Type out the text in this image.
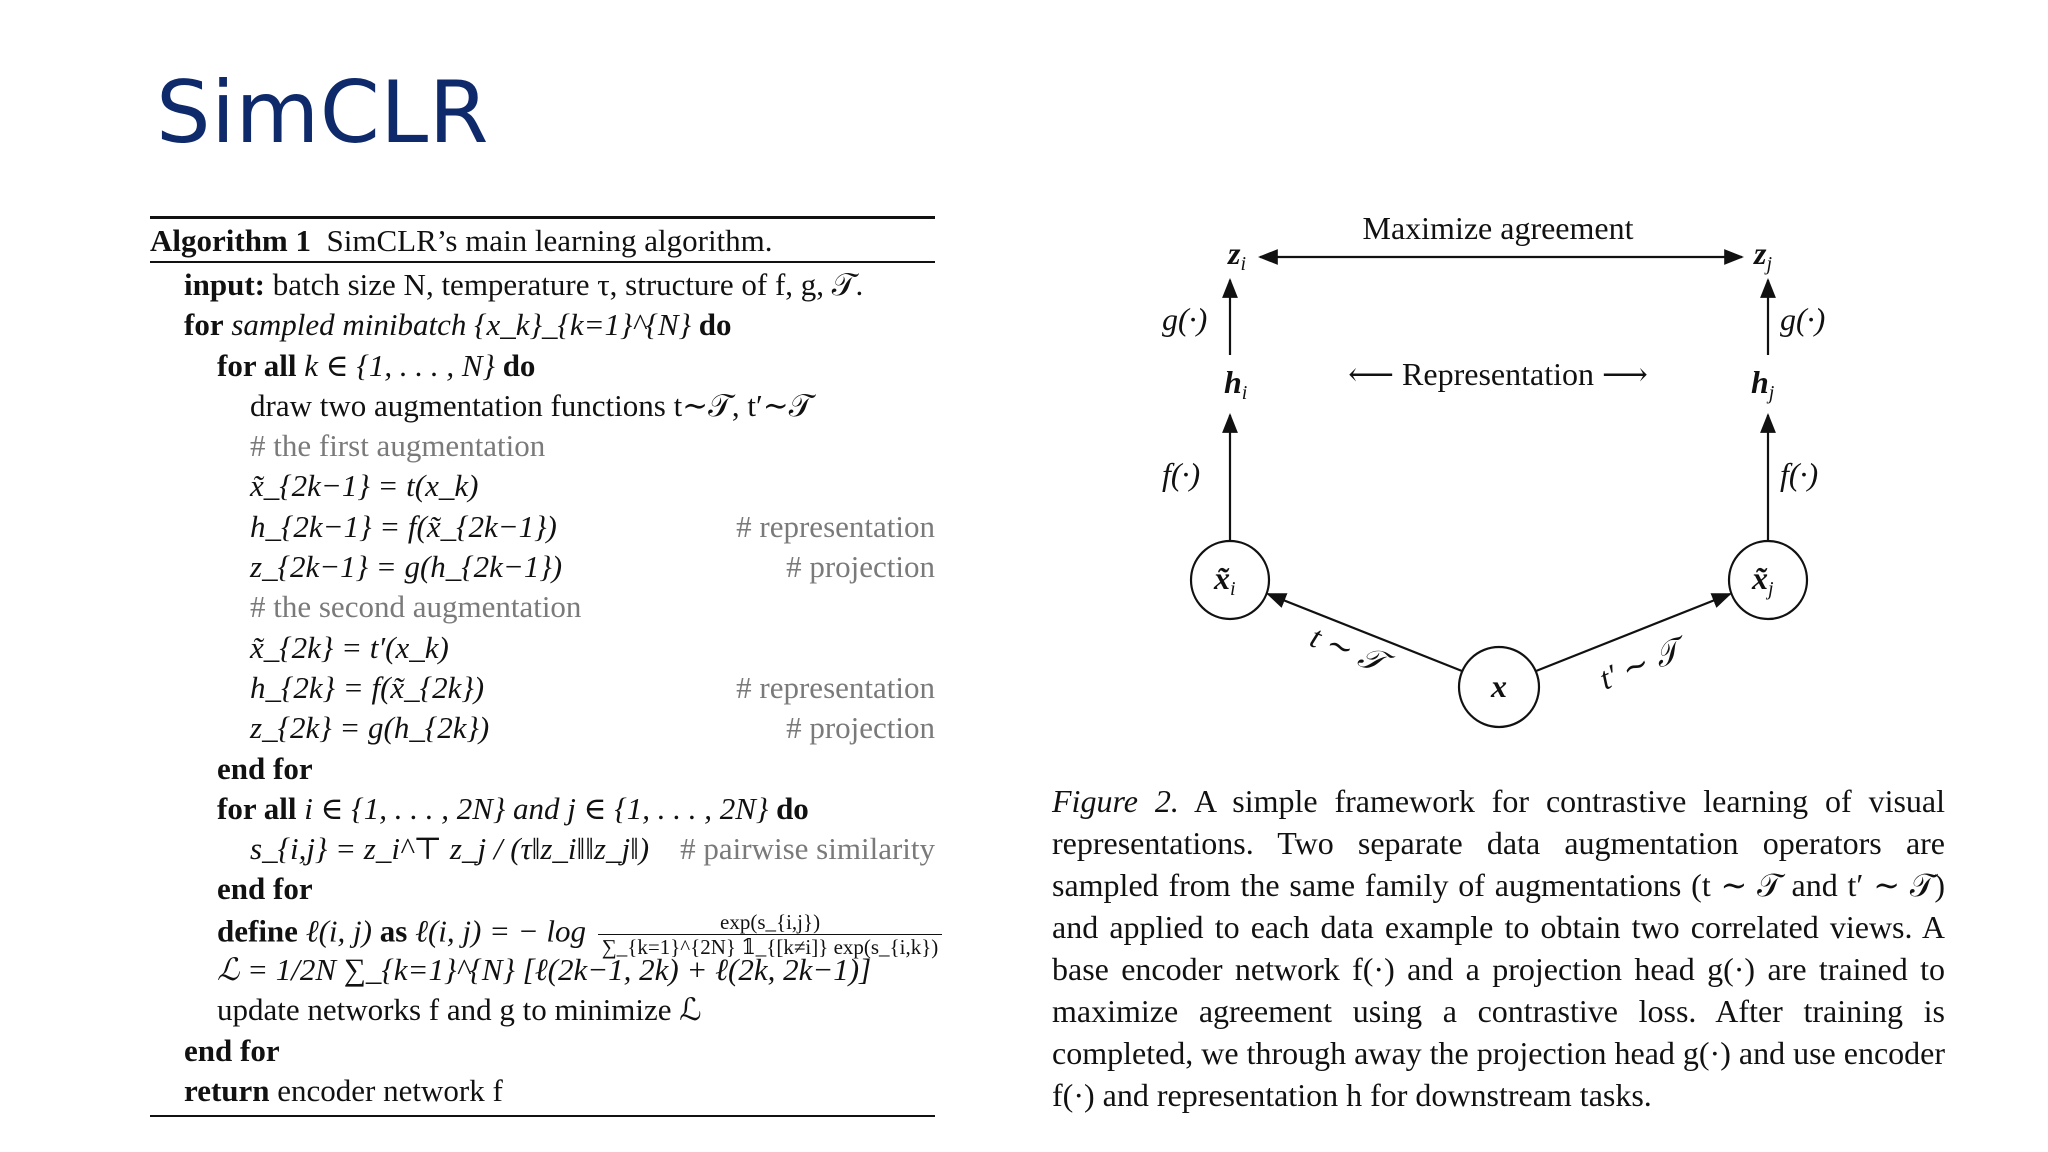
SimCLR
Algorithm 1 SimCLR’s main learning algorithm.
input: batch size N, temperature τ, structure of f, g, 𝒯.
for sampled minibatch {x_k}_{k=1}^{N} do
for all k ∈ {1, . . . , N} do
draw two augmentation functions t∼𝒯, t′∼𝒯
# the first augmentation
x̃_{2k−1} = t(x_k)
h_{2k−1} = f(x̃_{2k−1})	# representation
z_{2k−1} = g(h_{2k−1})	# projection
# the second augmentation
x̃_{2k} = t′(x_k)
h_{2k} = f(x̃_{2k})	# representation
z_{2k} = g(h_{2k})	# projection
end for
for all i ∈ {1, . . . , 2N} and j ∈ {1, . . . , 2N} do
s_{i,j} = z_i^⊤ z_j / (τ‖z_i‖‖z_j‖) # pairwise similarity
end for
define ℓ(i, j) as ℓ(i, j) = − $\log \frac{\exp(s\_\{i,j\})}{\sum\_\{k=1\}\^{}\{2N\} 𝟙\_\{[k\ne i]\} \exp(s\_\{i,k\})}$
ℒ = 1/2N ∑_{k=1}^{N} [ℓ(2k−1, 2k) + ℓ(2k, 2k−1)]
update networks f and g to minimize ℒ
end for
return encoder network f
Maximize agreement
zi	zj
g(·)	g(·)
hi	hj
⟵ Representation ⟶
f(·)	f(·)
x̃i	x̃j
x
t ∼ 𝒯	t′ ∼ 𝒯
Figure 2. A simple framework for contrastive learning of visual representations. Two separate data augmentation operators are sampled from the same family of augmentations (t ∼ 𝒯 and t′ ∼ 𝒯) and applied to each data example to obtain two correlated views. A base encoder network f(·) and a projection head g(·) are trained to maximize agreement using a contrastive loss. After training is completed, we through away the projection head g(·) and use encoder f(·) and representation h for downstream tasks.
